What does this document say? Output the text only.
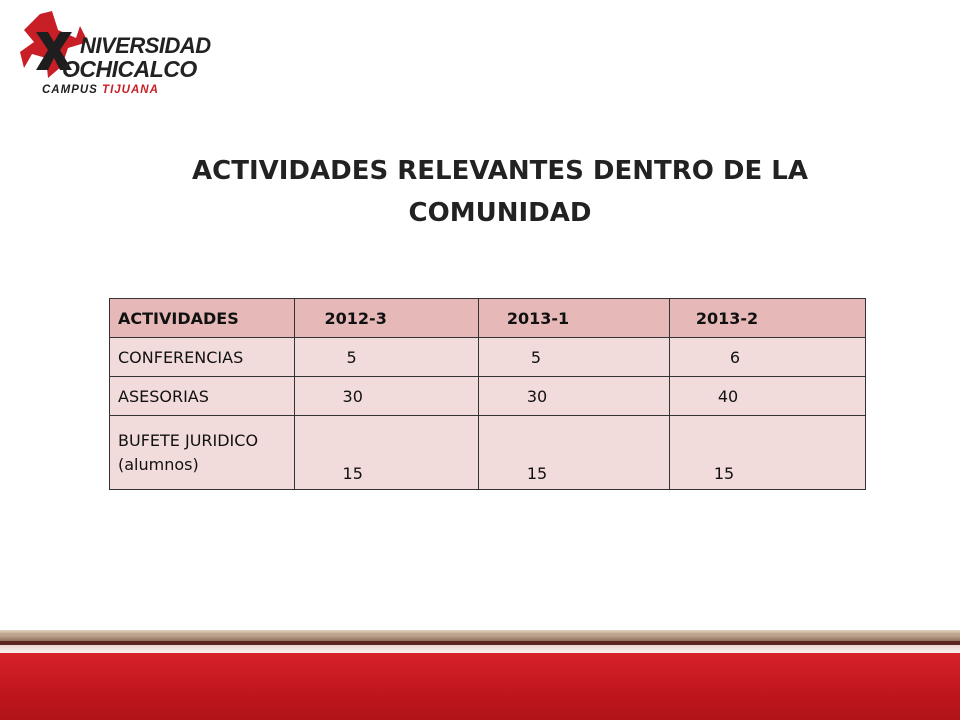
NIVERSIDAD
OCHICALCO
CAMPUS TIJUANA
ACTIVIDADES RELEVANTES DENTRO DE LA
COMUNIDAD
ACTIVIDADES	2012-3	2013-1	2013-2
CONFERENCIAS	5	5	6
ASESORIAS	30	30	40

BUFETE JURIDICO
(alumnos)	15	15	15
